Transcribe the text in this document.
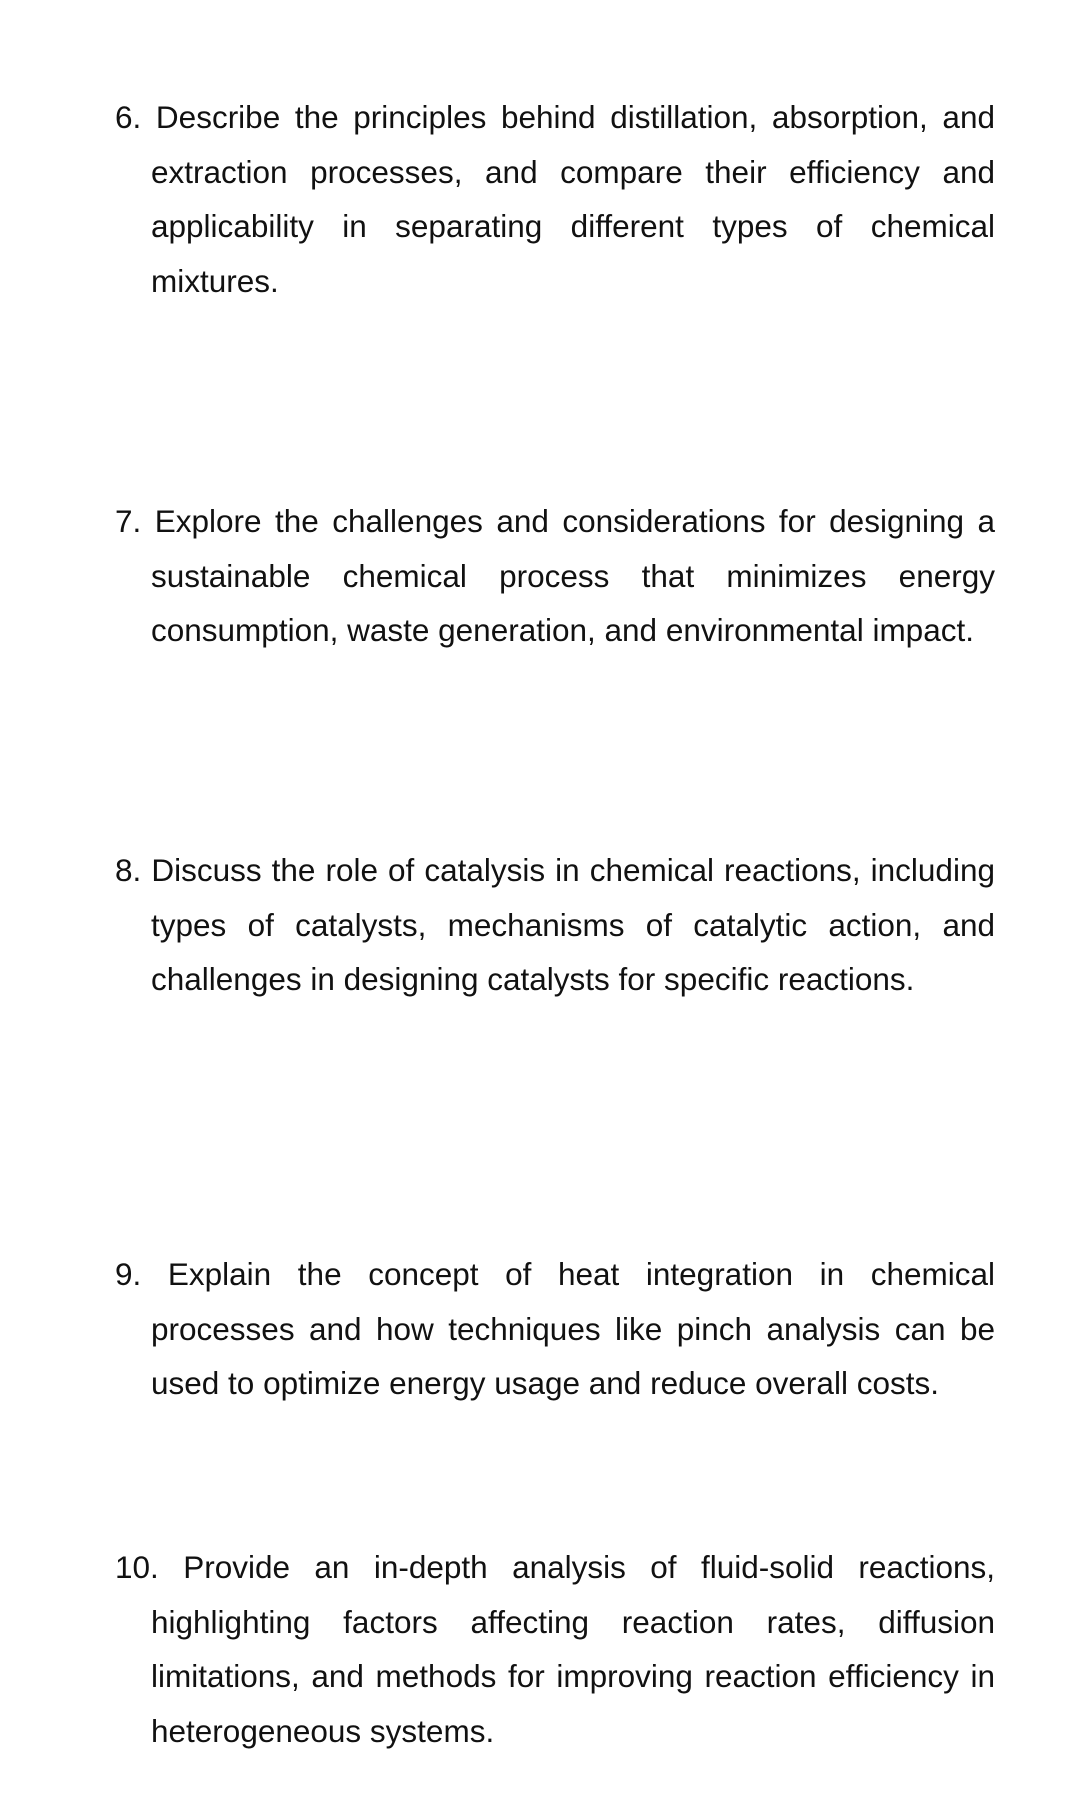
6. Describe the principles behind distillation, absorption, and extraction processes, and compare their efficiency and applicability in separating different types of chemical mixtures.

7. Explore the challenges and considerations for designing a sustainable chemical process that minimizes energy consumption, waste generation, and environmental impact.

8. Discuss the role of catalysis in chemical reactions, including types of catalysts, mechanisms of catalytic action, and challenges in designing catalysts for specific reactions.

9. Explain the concept of heat integration in chemical processes and how techniques like pinch analysis can be used to optimize energy usage and reduce overall costs.

10. Provide an in-depth analysis of fluid-solid reactions, highlighting factors affecting reaction rates, diffusion limitations, and methods for improving reaction efficiency in heterogeneous systems.
